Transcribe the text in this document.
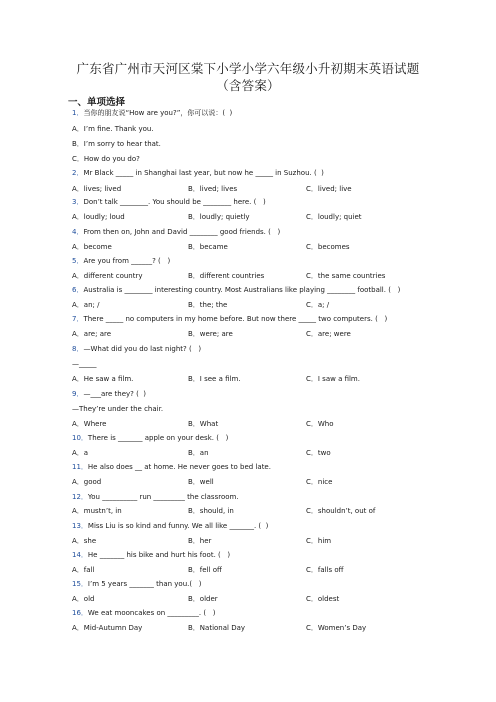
广东省广州市天河区棠下小学小学六年级小升初期末英语试题
（含答案）
一、单项选择
1．当你的朋友说“How are you?”，你可以说：(  )
A．I’m fine. Thank you.
B．I’m sorry to hear that.
C．How do you do?
2．Mr Black _____ in Shanghai last year, but now he _____ in Suzhou. (  )
A．lives; lived	B．lived; lives	C．lived; live
3．Don’t talk ________. You should be ________ here. (   )
A．loudly; loud	B．loudly; quietly	C．loudly; quiet
4．From then on, John and David ________ good friends. (   )
A．become	B．became	C．becomes
5．Are you from ______? (   )
A．different country	B．different countries	C．the same countries
6．Australia is ________ interesting country. Most Australians like playing ________ football. (   )
A．an; /	B．the; the	C．a; /
7．There _____ no computers in my home before. But now there _____ two computers. (   )
A．are; are	B．were; are	C．are; were
8．—What did you do last night? (   )
—_____
A．He saw a film.	B．I see a film.	C．I saw a film.
9．—___are they? (  )
—They’re under the chair.
A．Where	B．What	C．Who
10．There is _______ apple on your desk. (   )
A．a	B．an	C．two
11．He also does __ at home. He never goes to bed late.
A．good	B．well	C．nice
12．You __________ run _________ the classroom.
A．mustn’t, in	B．should, in	C．shouldn’t, out of
13．Miss Liu is so kind and funny. We all like _______. (  )
A．she	B．her	C．him
14．He _______ his bike and hurt his foot. (   )
A．fall	B．fell off	C．falls off
15．I’m 5 years _______ than you.(   )
A．old	B．older	C．oldest
16．We eat mooncakes on _________. (   )
A．Mid-Autumn Day	B．National Day	C．Women’s Day
